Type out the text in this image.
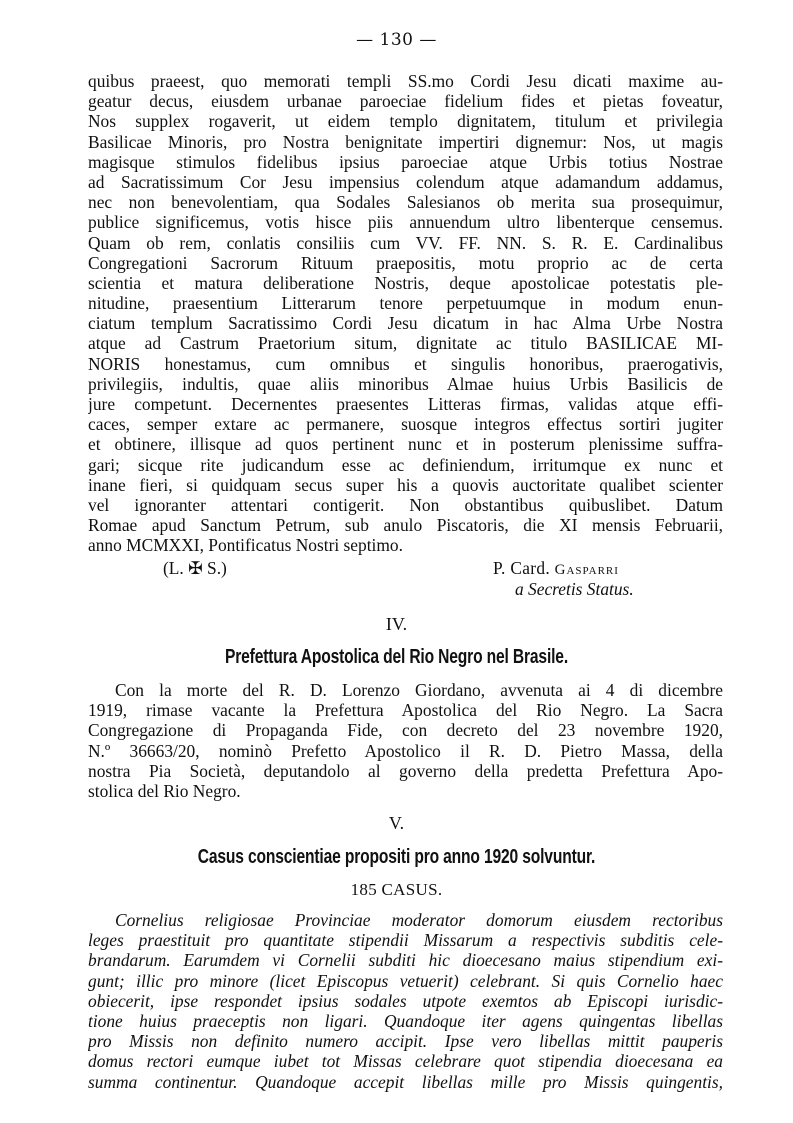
— 130 —
quibus praeest, quo memorati templi SS.mo Cordi Jesu dicati maxime au-
geatur decus, eiusdem urbanae paroeciae fidelium fides et pietas foveatur,
Nos supplex rogaverit, ut eidem templo dignitatem, titulum et privilegia
Basilicae Minoris, pro Nostra benignitate impertiri dignemur: Nos, ut magis
magisque stimulos fidelibus ipsius paroeciae atque Urbis totius Nostrae
ad Sacratissimum Cor Jesu impensius colendum atque adamandum addamus,
nec non benevolentiam, qua Sodales Salesianos ob merita sua prosequimur,
publice significemus, votis hisce piis annuendum ultro libenterque censemus.
Quam ob rem, conlatis consiliis cum VV. FF. NN. S. R. E. Cardinalibus
Congregationi Sacrorum Rituum praepositis, motu proprio ac de certa
scientia et matura deliberatione Nostris, deque apostolicae potestatis ple-
nitudine, praesentium Litterarum tenore perpetuumque in modum enun-
ciatum templum Sacratissimo Cordi Jesu dicatum in hac Alma Urbe Nostra
atque ad Castrum Praetorium situm, dignitate ac titulo BASILICAE MI-
NORIS honestamus, cum omnibus et singulis honoribus, praerogativis,
privilegiis, indultis, quae aliis minoribus Almae huius Urbis Basilicis de
jure competunt. Decernentes praesentes Litteras firmas, validas atque effi-
caces, semper extare ac permanere, suosque integros effectus sortiri jugiter
et obtinere, illisque ad quos pertinent nunc et in posterum plenissime suffra-
gari; sicque rite judicandum esse ac definiendum, irritumque ex nunc et
inane fieri, si quidquam secus super his a quovis auctoritate qualibet scienter
vel ignoranter attentari contigerit. Non obstantibus quibuslibet. Datum
Romae apud Sanctum Petrum, sub anulo Piscatoris, die XI mensis Februarii,
anno MCMXXI, Pontificatus Nostri septimo.
(L. ✠ S.)	P. Card. Gasparri
a Secretis Status.
IV.
Prefettura Apostolica del Rio Negro nel Brasile.
Con la morte del R. D. Lorenzo Giordano, avvenuta ai 4 di dicembre
1919, rimase vacante la Prefettura Apostolica del Rio Negro. La Sacra
Congregazione di Propaganda Fide, con decreto del 23 novembre 1920,
N.º 36663/20, nominò Prefetto Apostolico il R. D. Pietro Massa, della
nostra Pia Società, deputandolo al governo della predetta Prefettura Apo-
stolica del Rio Negro.
V.
Casus conscientiae propositi pro anno 1920 solvuntur.
185 CASUS.
Cornelius religiosae Provinciae moderator domorum eiusdem rectoribus
leges praestituit pro quantitate stipendii Missarum a respectivis subditis cele-
brandarum. Earumdem vi Cornelii subditi hic dioecesano maius stipendium exi-
gunt; illic pro minore (licet Episcopus vetuerit) celebrant. Si quis Cornelio haec
obiecerit, ipse respondet ipsius sodales utpote exemtos ab Episcopi iurisdic-
tione huius praeceptis non ligari. Quandoque iter agens quingentas libellas
pro Missis non definito numero accipit. Ipse vero libellas mittit pauperis
domus rectori eumque iubet tot Missas celebrare quot stipendia dioecesana ea
summa continentur. Quandoque accepit libellas mille pro Missis quingentis,
